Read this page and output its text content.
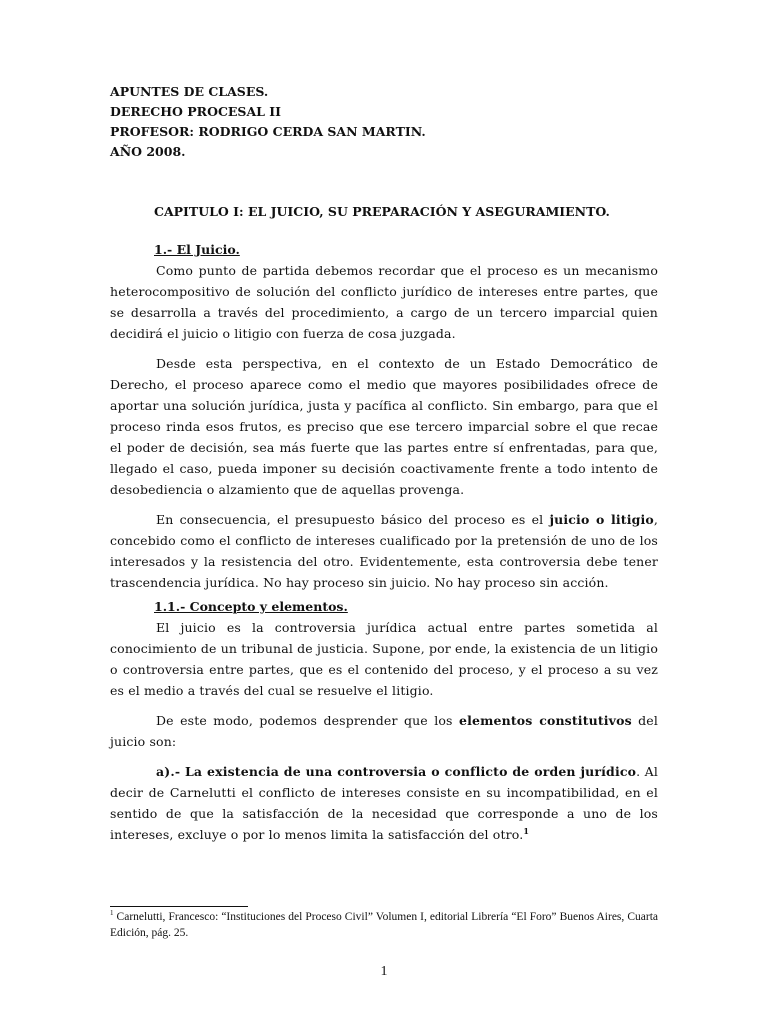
APUNTES DE CLASES.

DERECHO PROCESAL II

PROFESOR: RODRIGO CERDA SAN MARTIN.

AÑO 2008.

CAPITULO I: EL JUICIO, SU PREPARACIÓN Y ASEGURAMIENTO.

1.- El Juicio.

Como punto de partida debemos recordar que el proceso es un mecanismo heterocompositivo de solución del conflicto jurídico de intereses entre partes, que se desarrolla a través del procedimiento, a cargo de un tercero imparcial quien decidirá el juicio o litigio con fuerza de cosa juzgada.

Desde esta perspectiva, en el contexto de un Estado Democrático de Derecho, el proceso aparece como el medio que mayores posibilidades ofrece de aportar una solución jurídica, justa y pacífica al conflicto. Sin embargo, para que el proceso rinda esos frutos, es preciso que ese tercero imparcial sobre el que recae el poder de decisión, sea más fuerte que las partes entre sí enfrentadas, para que, llegado el caso, pueda imponer su decisión coactivamente frente a todo intento de desobediencia o alzamiento que de aquellas provenga.

En consecuencia, el presupuesto básico del proceso es el juicio o litigio, concebido como el conflicto de intereses cualificado por la pretensión de uno de los interesados y la resistencia del otro. Evidentemente, esta controversia debe tener trascendencia jurídica. No hay proceso sin juicio. No hay proceso sin acción.

1.1.- Concepto y elementos.

El juicio es la controversia jurídica actual entre partes sometida al conocimiento de un tribunal de justicia. Supone, por ende, la existencia de un litigio o controversia entre partes, que es el contenido del proceso, y el proceso a su vez es el medio a través del cual se resuelve el litigio.

De este modo, podemos desprender que los elementos constitutivos del juicio son:

a).- La existencia de una controversia o conflicto de orden jurídico. Al decir de Carnelutti el conflicto de intereses consiste en su incompatibilidad, en el sentido de que la satisfacción de la necesidad que corresponde a uno de los intereses, excluye o por lo menos limita la satisfacción del otro.$^1$

$^1$ Carnelutti, Francesco: “Instituciones del Proceso Civil” Volumen I, editorial Librería “El Foro” Buenos Aires, Cuarta Edición, pág. 25.
1
